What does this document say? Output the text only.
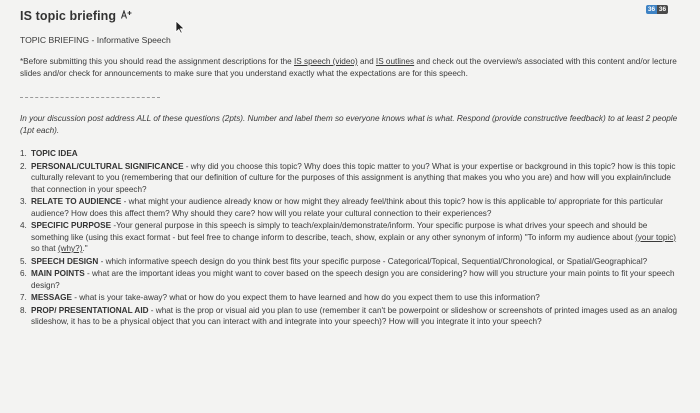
IS topic briefing	36 36
TOPIC BRIEFING - Informative Speech
*Before submitting this you should read the assignment descriptions for the IS speech (video) and IS outlines and check out the overview/s associated with this content and/or lecture slides and/or check for announcements to make sure that you understand exactly what the expectations are for this speech.
In your discussion post address ALL of these questions (2pts). Number and label them so everyone knows what is what. Respond (provide constructive feedback) to at least 2 people (1pt each).
1. TOPIC IDEA
2. PERSONAL/CULTURAL SIGNIFICANCE - why did you choose this topic? Why does this topic matter to you? What is your expertise or background in this topic? how is this topic culturally relevant to you (remembering that our definition of culture for the purposes of this assignment is anything that makes you who you are) and how will you explain/include that connection in your speech?
3. RELATE TO AUDIENCE - what might your audience already know or how might they already feel/think about this topic? how is this applicable to/ appropriate for this particular audience? How does this affect them? Why should they care? how will you relate your cultural connection to their experiences?
4. SPECIFIC PURPOSE -Your general purpose in this speech is simply to teach/explain/demonstrate/inform. Your specific purpose is what drives your speech and should be something like (using this exact format - but feel free to change inform to describe, teach, show, explain or any other synonym of inform) "To inform my audience about (your topic) so that (why?)."
5. SPEECH DESIGN - which informative speech design do you think best fits your specific purpose - Categorical/Topical, Sequential/Chronological, or Spatial/Geographical?
6. MAIN POINTS - what are the important ideas you might want to cover based on the speech design you are considering? how will you structure your main points to fit your speech design?
7. MESSAGE - what is your take-away? what or how do you expect them to have learned and how do you expect them to use this information?
8. PROP/ PRESENTATIONAL AID - what is the prop or visual aid you plan to use (remember it can't be powerpoint or slideshow or screenshots of printed images used as an analog slideshow, it has to be a physical object that you can interact with and integrate into your speech)? How will you integrate it into your speech?
